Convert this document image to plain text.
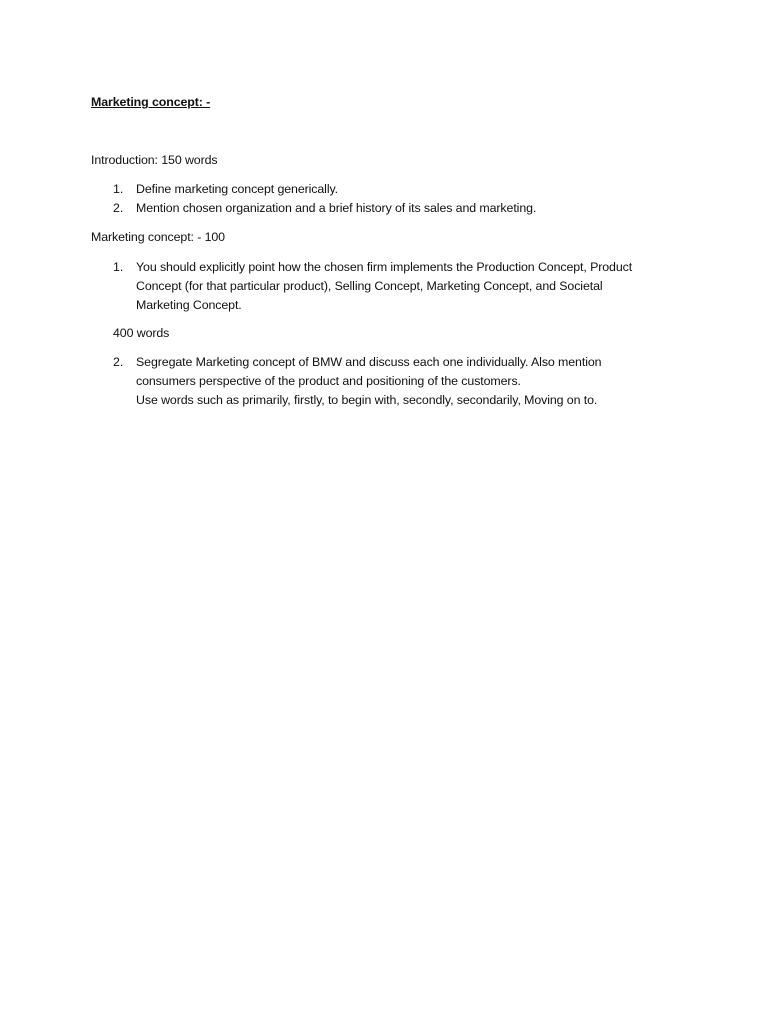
Marketing concept: -
Introduction: 150 words
1. Define marketing concept generically.
2. Mention chosen organization and a brief history of its sales and marketing.
Marketing concept: - 100
1. You should explicitly point how the chosen firm implements the Production Concept, Product
Concept (for that particular product), Selling Concept, Marketing Concept, and Societal
Marketing Concept.
400 words
2. Segregate Marketing concept of BMW and discuss each one individually. Also mention
consumers perspective of the product and positioning of the customers.
Use words such as primarily, firstly, to begin with, secondly, secondarily, Moving on to.
